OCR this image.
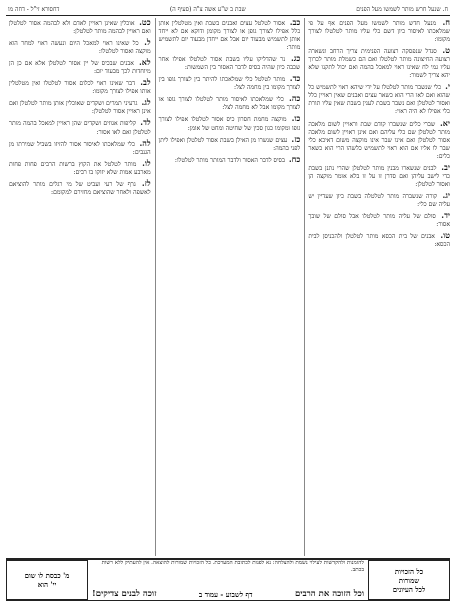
ח. שנעל חרש מותר לשמשו מעל הפנים
שבת ב ש"ע אשה צ"ה (סעיף ה)
דחסורא זי"ל - דחה מו

ח. מנעל חדש מותר לשמשו מעל הפנים אף על פי שמלאכתו לאיסור כיון דשם כלי עליו מותר לטלטלו לצורך מקומו:

ט. סנדל שנפסקה רצועה הפנימית צריך הרחב ונשארה רצועה החיצונה מותר לטלטלו ואם הם כשמלת מותר לכרוך עליו גמי לח שאינו ראוי למאכל בהמה ואם יכול לתקנו שלא יהא צריך לשמור:

י. כלי שנשבר מותר לטלטלו על ידי שיהא ראוי לתשמיש כל שהוא ואם לאו הרי הוא כשאר עצים ואבנים שאין ראויין כלל ואסור לטלטלן ואם נשבר בשבת לענין בשבת שאין עליו תורת כלי אפילו לא היה ראוי:

יא. שברי כלים שנשברו קודם שבת וראויין לשום מלאכה מותר לטלטלן שם כלי עליהם ואם אינן ראויין לשום מלאכה אסור לטלטלן ואם אינו שבר אינו מוקצה משום דאיכא כלי שבר לו אליו אם הוא ראוי לתשמיש כלשהו הרי הוא כשאר כלים:

יב. לבנים שנשארו מבנין מותר לטלטלן שהרי נתנן בשבת כדי לישב עליהן ואם סדרן זו על זו בלא אומר מוקצה הן ואסור לטלטלן:

יג. קורה שנשברה מותר לטלטלה בשבת כיון שעדיין יש עליה שם כלי:

יד. סולם של עליה מותר לטלטלו אבל סולם של שובך אסור:

טו. אבנים של בית הכסא מותר לטלטלן ולהכניסן לבית הכסא:

כב. אסור לטלטל עצים ואבנים בשבת ואין מטלטלין אותן כלל אפילו לצורך גופן או לצורך מקומן ודוקא אם לא ייחד אותן לתשמיש מבעוד יום אבל אם ייחדן מבעוד יום לתשמיש מותר:

כג. נר שהדליקו עליו בשבת אסור לטלטלו אפילו אחר שכבה כיון שהיה בסיס לדבר האסור בין השמשות:

כד. מותר לטלטל כלי שמלאכתו להיתר בין לצורך גופו בין לצורך מקומו בין מחמה לצל:

כה. כלי שמלאכתו לאיסור מותר לטלטלו לצורך גופו או לצורך מקומו אבל לא מחמה לצל:

כו. מוקצה מחמת חסרון כיס אסור לטלטלו אפילו לצורך גופו ומקומו כגון סכין של שחיטה ומחט של אומן:

כז. עצים שנשרו מן האילן בשבת אסור לטלטלן ואפילו ליתן לפני בהמה:

כח. בסיס לדבר האסור ולדבר המותר מותר לטלטלו:

כט. אוכלין שאינן ראויין לאדם ולא לבהמה אסור לטלטלן ואם ראויין לבהמה מותר לטלטלן:

ל. כל שאינו ראוי למאכל היום ונעשה ראוי למחר הוא מוקצה ואסור לטלטלו:

לא. אבנים שבכיס של יין אסור לטלטלן אלא אם כן הן מיוחדות לכך מבעוד יום:

לב. דבר שאינו ראוי לכלום אסור לטלטלו ואין מטלטלין אותו אפילו לצורך מקומו:

לג. גרעיני תמרים ושקדים שאוכלין אותן מותר לטלטלן ואם אינן ראויין אסור לטלטלן:

לד. קליפות אגוזים ושקדים שהן ראויין למאכל בהמה מותר לטלטלן ואם לאו אסור:

לה. כלי שמלאכתו לאיסור אסור להזיזו בשביל שמירתו מן הגנבים:

לו. מותר לטלטל את הקוץ ברשות הרבים פחות פחות מארבע אמות שלא יזוקו בו רבים:

לז. גרף של רעי ועביט של מי רגלים מותר להוציאם לאשפה ולאחר שהוציאם מחזירם למקומם:

כל הזכויות
שמורות
לכל העיונים
להזמנות ולהקדשות לעילוי נשמת ולהצלחה: נא לפנות לכתובת המערכת. כל הזכויות שמורות להוצאה. אין להעתיק ללא רשות בכתב.
וכל הזוכה את הרבים
דף לשבוע - עמוד ב
זוכה לבנים צדיקים!
מ' כבסת לו שום
יי' הוא
